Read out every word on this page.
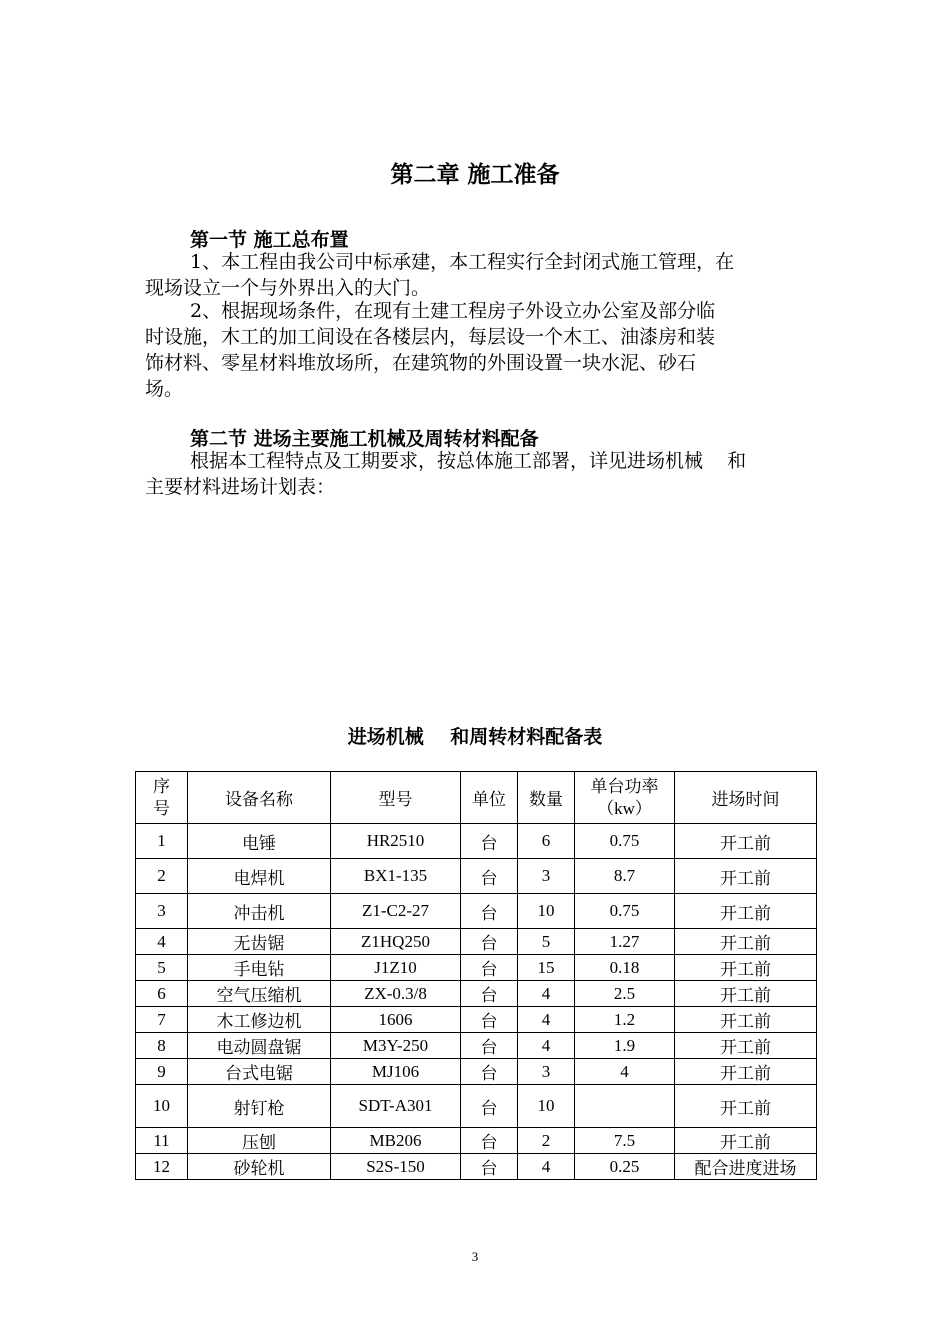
第二章 施工准备
第一节 施工总布置
1、本工程由我公司中标承建，本工程实行全封闭式施工管理，在
现场设立一个与外界出入的大门。
2、根据现场条件，在现有土建工程房子外设立办公室及部分临
时设施，木工的加工间设在各楼层内，每层设一个木工、油漆房和装
饰材料、零星材料堆放场所，在建筑物的外围设置一块水泥、砂石
场。
第二节 进场主要施工机械及周转材料配备
根据本工程特点及工期要求，按总体施工部署，详见进场机械    和
主要材料进场计划表：
进场机械    和周转材料配备表
序号	设备名称	型号	单位	数量	单台功率（kw）	进场时间
1	电锤	HR2510	台	6	0.75	开工前
2	电焊机	BX1-135	台	3	8.7	开工前
3	冲击机	Z1-C2-27	台	10	0.75	开工前
4	无齿锯	Z1HQ250	台	5	1.27	开工前
5	手电钻	J1Z10	台	15	0.18	开工前
6	空气压缩机	ZX-0.3/8	台	4	2.5	开工前
7	木工修边机	1606	台	4	1.2	开工前
8	电动圆盘锯	M3Y-250	台	4	1.9	开工前
9	台式电锯	MJ106	台	3	4	开工前
10	射钉枪	SDT-A301	台	10		开工前
11	压刨	MB206	台	2	7.5	开工前
12	砂轮机	S2S-150	台	4	0.25	配合进度进场
3
